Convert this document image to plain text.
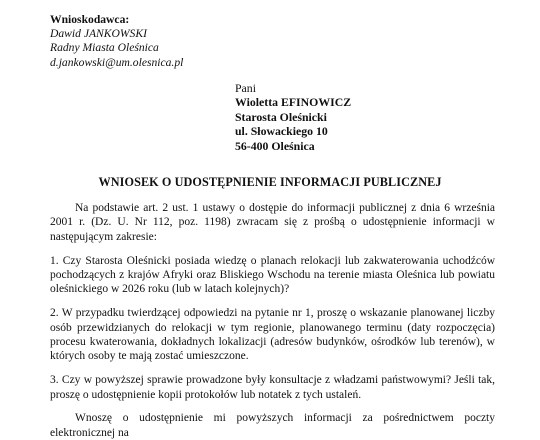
Wnioskodawca:
Dawid JANKOWSKI
Radny Miasta Oleśnica
d.jankowski@um.olesnica.pl
Pani
Wioletta EFINOWICZ
Starosta Oleśnicki
ul. Słowackiego 10
56-400 Oleśnica
WNIOSEK O UDOSTĘPNIENIE INFORMACJI PUBLICZNEJ

Na podstawie art. 2 ust. 1 ustawy o dostępie do informacji publicznej z dnia 6 września 2001 r. (Dz. U. Nr 112, poz. 1198) zwracam się z prośbą o udostępnienie informacji w następującym zakresie:

1. Czy Starosta Oleśnicki posiada wiedzę o planach relokacji lub zakwaterowania uchodźców pochodzących z krajów Afryki oraz Bliskiego Wschodu na terenie miasta Oleśnica lub powiatu oleśnickiego w 2026 roku (lub w latach kolejnych)?

2. W przypadku twierdzącej odpowiedzi na pytanie nr 1, proszę o wskazanie planowanej liczby osób przewidzianych do relokacji w tym regionie, planowanego terminu (daty rozpoczęcia) procesu kwaterowania, dokładnych lokalizacji (adresów budynków, ośrodków lub terenów), w których osoby te mają zostać umieszczone.

3. Czy w powyższej sprawie prowadzone były konsultacje z władzami państwowymi? Jeśli tak, proszę o udostępnienie kopii protokołów lub notatek z tych ustaleń.

Wnoszę o udostępnienie mi powyższych informacji za pośrednictwem poczty elektronicznej na
